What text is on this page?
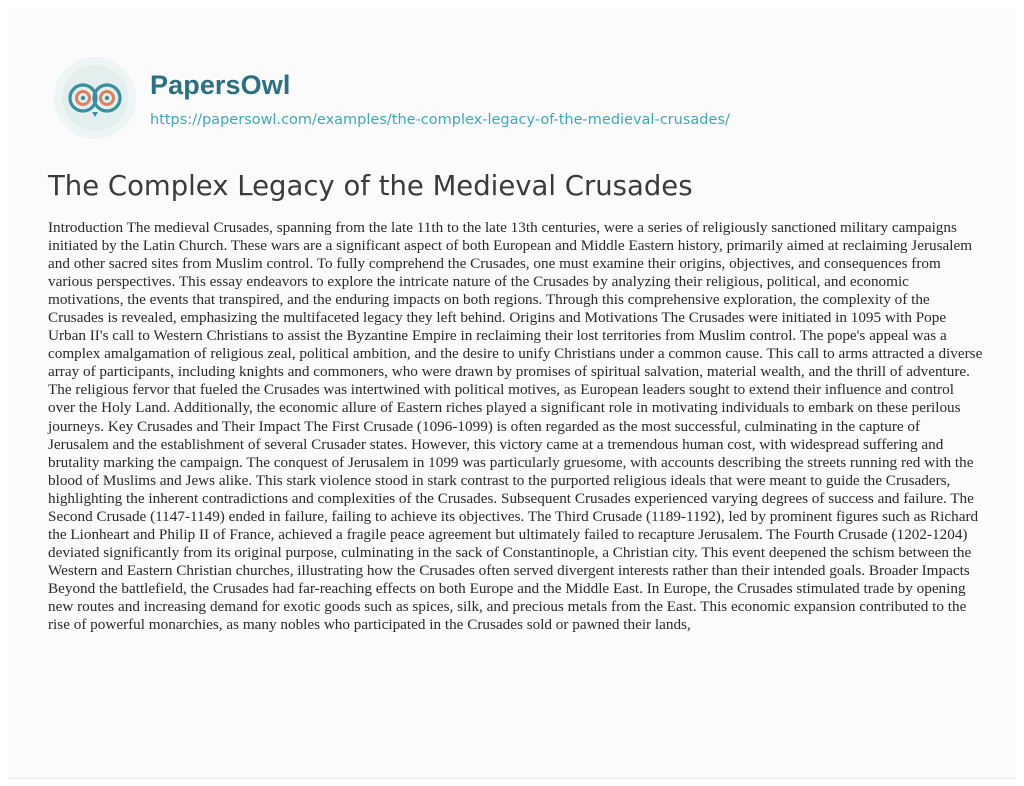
PapersOwl
https://papersowl.com/examples/the-complex-legacy-of-the-medieval-crusades/
The Complex Legacy of the Medieval Crusades

Introduction The medieval Crusades, spanning from the late 11th to the late 13th centuries, were a series of religiously sanctioned military campaigns initiated by the Latin Church. These wars are a significant aspect of both European and Middle Eastern history, primarily aimed at reclaiming Jerusalem and other sacred sites from Muslim control. To fully comprehend the Crusades, one must examine their origins, objectives, and consequences from various perspectives. This essay endeavors to explore the intricate nature of the Crusades by analyzing their religious, political, and economic motivations, the events that transpired, and the enduring impacts on both regions. Through this comprehensive exploration, the complexity of the Crusades is revealed, emphasizing the multifaceted legacy they left behind. Origins and Motivations The Crusades were initiated in 1095 with Pope Urban II's call to Western Christians to assist the Byzantine Empire in reclaiming their lost territories from Muslim control. The pope's appeal was a complex amalgamation of religious zeal, political ambition, and the desire to unify Christians under a common cause. This call to arms attracted a diverse array of participants, including knights and commoners, who were drawn by promises of spiritual salvation, material wealth, and the thrill of adventure. The religious fervor that fueled the Crusades was intertwined with political motives, as European leaders sought to extend their influence and control over the Holy Land. Additionally, the economic allure of Eastern riches played a significant role in motivating individuals to embark on these perilous journeys. Key Crusades and Their Impact The First Crusade (1096-1099) is often regarded as the most successful, culminating in the capture of Jerusalem and the establishment of several Crusader states. However, this victory came at a tremendous human cost, with widespread suffering and brutality marking the campaign. The conquest of Jerusalem in 1099 was particularly gruesome, with accounts describing the streets running red with the blood of Muslims and Jews alike. This stark violence stood in stark contrast to the purported religious ideals that were meant to guide the Crusaders, highlighting the inherent contradictions and complexities of the Crusades. Subsequent Crusades experienced varying degrees of success and failure. The Second Crusade (1147-1149) ended in failure, failing to achieve its objectives. The Third Crusade (1189-1192), led by prominent figures such as Richard the Lionheart and Philip II of France, achieved a fragile peace agreement but ultimately failed to recapture Jerusalem. The Fourth Crusade (1202-1204) deviated significantly from its original purpose, culminating in the sack of Constantinople, a Christian city. This event deepened the schism between the Western and Eastern Christian churches, illustrating how the Crusades often served divergent interests rather than their intended goals. Broader Impacts Beyond the battlefield, the Crusades had far-reaching effects on both Europe and the Middle East. In Europe, the Crusades stimulated trade by opening new routes and increasing demand for exotic goods such as spices, silk, and precious metals from the East. This economic expansion contributed to the rise of powerful monarchies, as many nobles who participated in the Crusades sold or pawned their lands,
